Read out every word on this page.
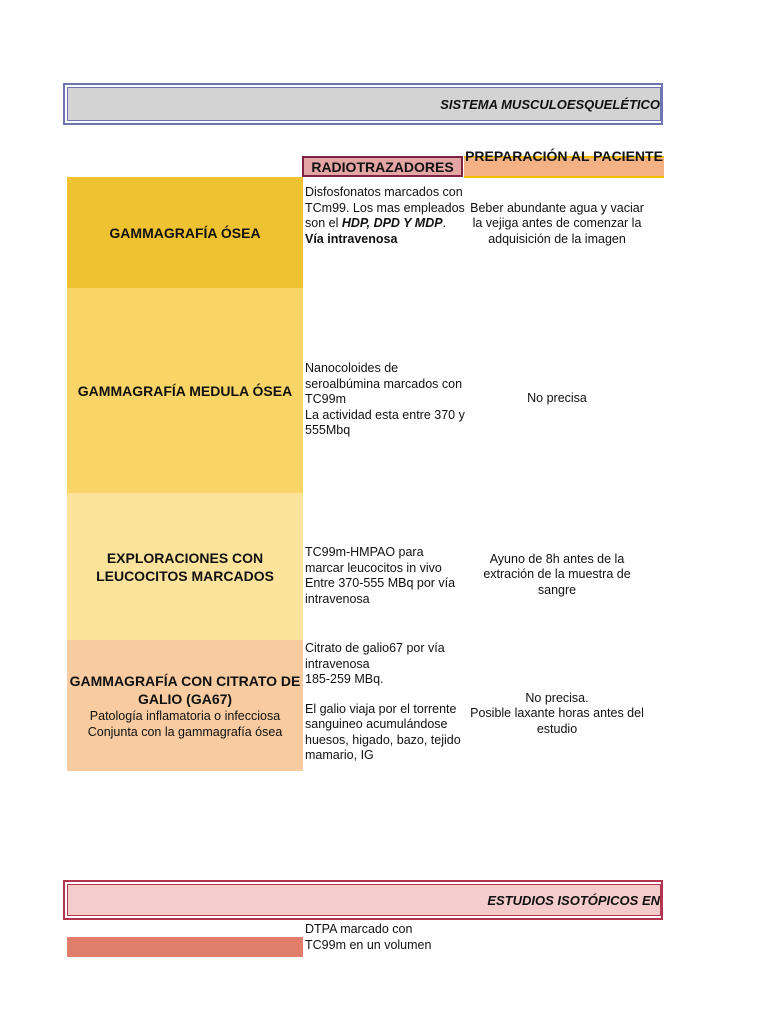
SISTEMA MUSCULOESQUELÉTICO
RADIOTRAZADORES
PREPARACIÓN AL PACIENTE
GAMMAGRAFÍA ÓSEA

Disfosfonatos marcados con TCm99. Los mas empleados son el HDP, DPD Y MDP.

Vía intravenosa

Beber abundante agua y vaciar la vejiga antes de comenzar la adquisición de la imagen
GAMMAGRAFÍA MEDULA ÓSEA

Nanocoloides de seroalbúmina marcados con TC99m

La actividad esta entre 370 y 555Mbq

No precisa
EXPLORACIONES CON LEUCOCITOS MARCADOS

TC99m-HMPAO para marcar leucocitos in vivo

Entre 370-555 MBq por vía intravenosa

Ayuno de 8h antes de la extración de la muestra de sangre
GAMMAGRAFÍA CON CITRATO DE GALIO (GA67)
Patología inflamatoria o infecciosa Conjunta con la gammagrafía ósea

Citrato de galio67 por vía intravenosa

185-259 MBq.

El galio viaja por el torrente sanguineo acumulándose huesos, higado, bazo, tejido mamario, IG

No precisa.
Posible laxante horas antes del estudio
ESTUDIOS ISOTÓPICOS EN

DTPA marcado con

TC99m en un volumen
